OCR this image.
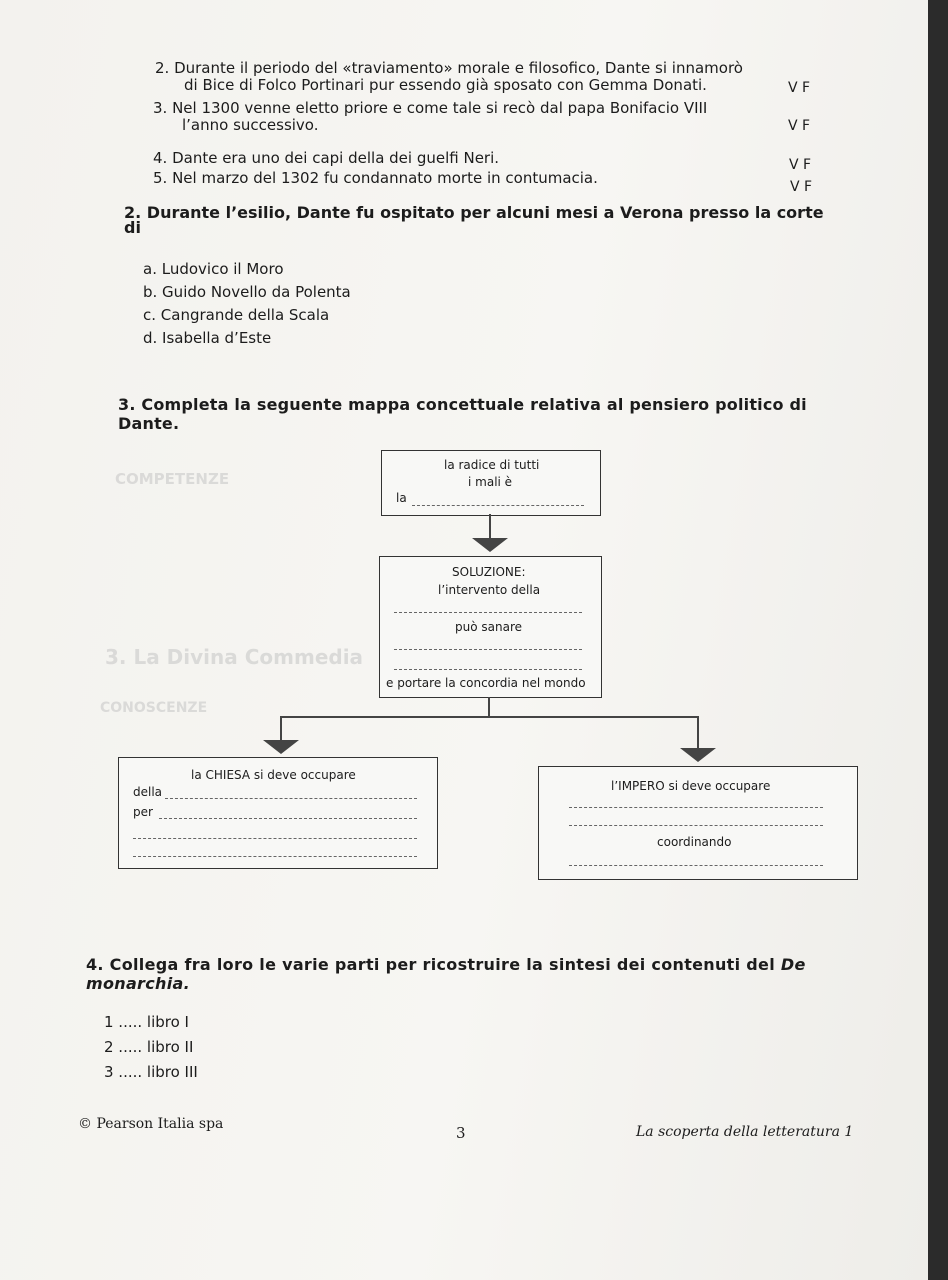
COMPETENZE
3. La Divina Commedia
CONOSCENZE
2. Durante il periodo del «traviamento» morale e filosofico, Dante si innamorò
di Bice di Folco Portinari pur essendo già sposato con Gemma Donati.	V F
3. Nel 1300 venne eletto priore e come tale si recò dal papa Bonifacio VIII
l’anno successivo.	V F
4. Dante era uno dei capi della dei guelfi Neri.	V F
5. Nel marzo del 1302 fu condannato morte in contumacia.	V F
2. Durante l’esilio, Dante fu ospitato per alcuni mesi a Verona presso la corte
di
a. Ludovico il Moro
b. Guido Novello da Polenta
c. Cangrande della Scala
d. Isabella d’Este
3. Completa la seguente mappa concettuale relativa al pensiero politico di
Dante.
la radice di tutti
i mali è
la
SOLUZIONE:
l’intervento della
può sanare
e portare la concordia nel mondo
la CHIESA si deve occupare
della
per
l’IMPERO si deve occupare
coordinando
4. Collega fra loro le varie parti per ricostruire la sintesi dei contenuti del De
monarchia.
1 ..... libro I
2 ..... libro II
3 ..... libro III
© Pearson Italia spa	3	La scoperta della letteratura 1
